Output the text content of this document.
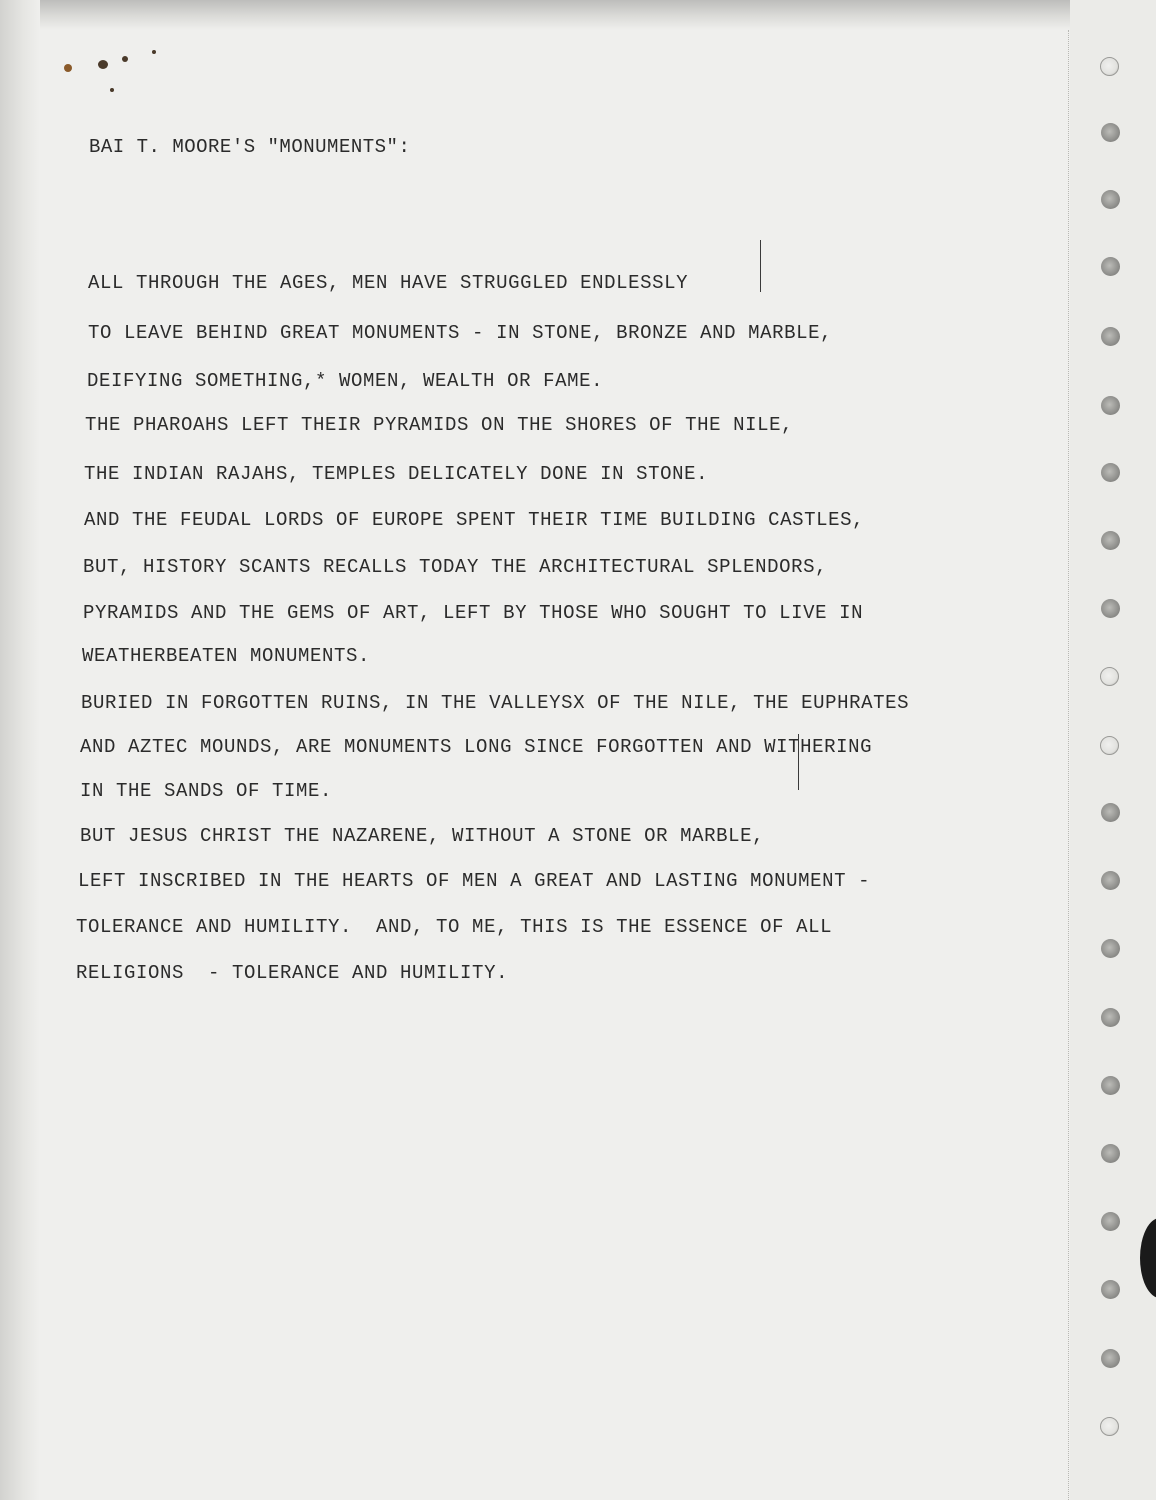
BAI T. MOORE'S "MONUMENTS":
ALL THROUGH THE AGES, MEN HAVE STRUGGLED ENDLESSLY
TO LEAVE BEHIND GREAT MONUMENTS - IN STONE, BRONZE AND MARBLE,
DEIFYING SOMETHING,* WOMEN, WEALTH OR FAME.
THE PHAROAHS LEFT THEIR PYRAMIDS ON THE SHORES OF THE NILE,
THE INDIAN RAJAHS, TEMPLES DELICATELY DONE IN STONE.
AND THE FEUDAL LORDS OF EUROPE SPENT THEIR TIME BUILDING CASTLES,
BUT, HISTORY SCANTS RECALLS TODAY THE ARCHITECTURAL SPLENDORS,
PYRAMIDS AND THE GEMS OF ART, LEFT BY THOSE WHO SOUGHT TO LIVE IN
WEATHERBEATEN MONUMENTS.
BURIED IN FORGOTTEN RUINS, IN THE VALLEYSX OF THE NILE, THE EUPHRATES
AND AZTEC MOUNDS, ARE MONUMENTS LONG SINCE FORGOTTEN AND WITHERING
IN THE SANDS OF TIME.
BUT JESUS CHRIST THE NAZARENE, WITHOUT A STONE OR MARBLE,
LEFT INSCRIBED IN THE HEARTS OF MEN A GREAT AND LASTING MONUMENT -
TOLERANCE AND HUMILITY.  AND, TO ME, THIS IS THE ESSENCE OF ALL
RELIGIONS  - TOLERANCE AND HUMILITY.
